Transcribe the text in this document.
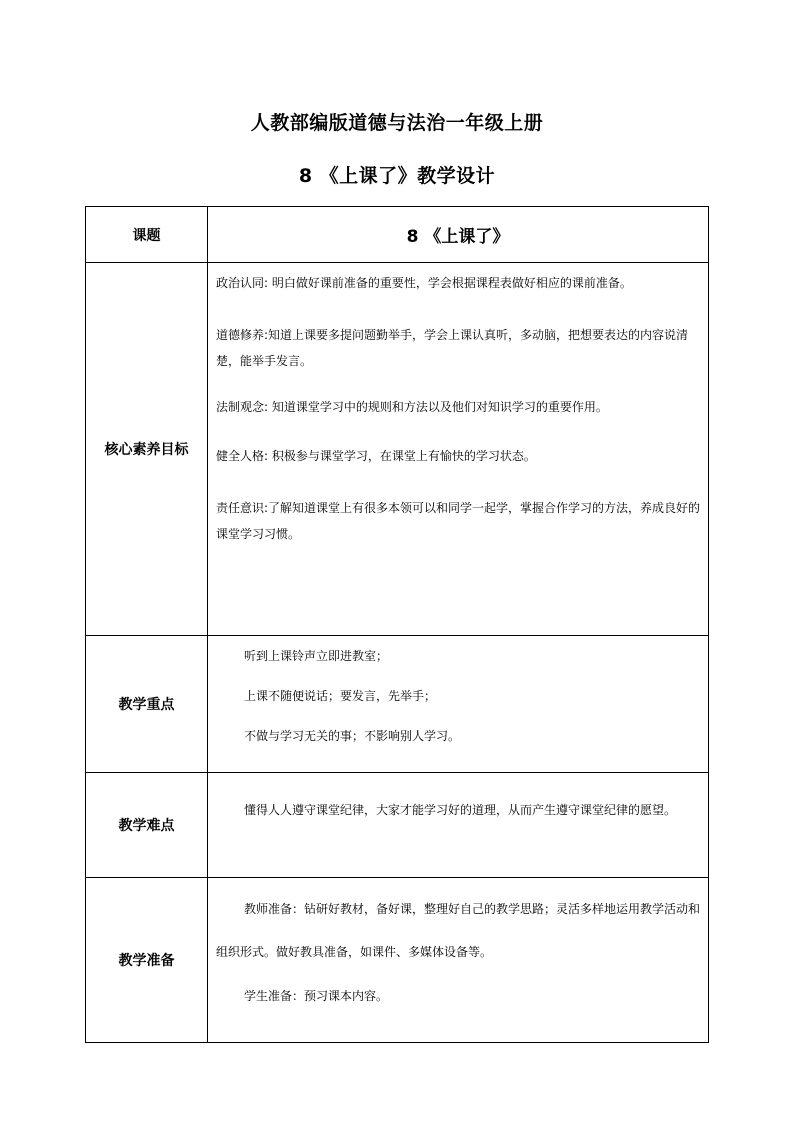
人教部编版道德与法治一年级上册
8 《上课了》教学设计
课题	8 《上课了》
核心素养目标	政治认同: 明白做好课前准备的重要性，学会根据课程表做好相应的课前准备。

道德修养:知道上课要多提问题勤举手，学会上课认真听，多动脑，把想要表达的内容说清楚，能举手发言。

法制观念: 知道课堂学习中的规则和方法以及他们对知识学习的重要作用。

健全人格: 积极参与课堂学习，在课堂上有愉快的学习状态。

责任意识:了解知道课堂上有很多本领可以和同学一起学，掌握合作学习的方法，养成良好的课堂学习习惯。

教学重点	听到上课铃声立即进教室；

上课不随便说话；要发言，先举手；

不做与学习无关的事；不影响别人学习。

教学难点	懂得人人遵守课堂纪律，大家才能学习好的道理，从而产生遵守课堂纪律的愿望。

教学准备	教师准备：钻研好教材，备好课，整理好自己的教学思路；灵活多样地运用教学活动和组织形式。做好教具准备，如课件、多媒体设备等。

学生准备：预习课本内容。
